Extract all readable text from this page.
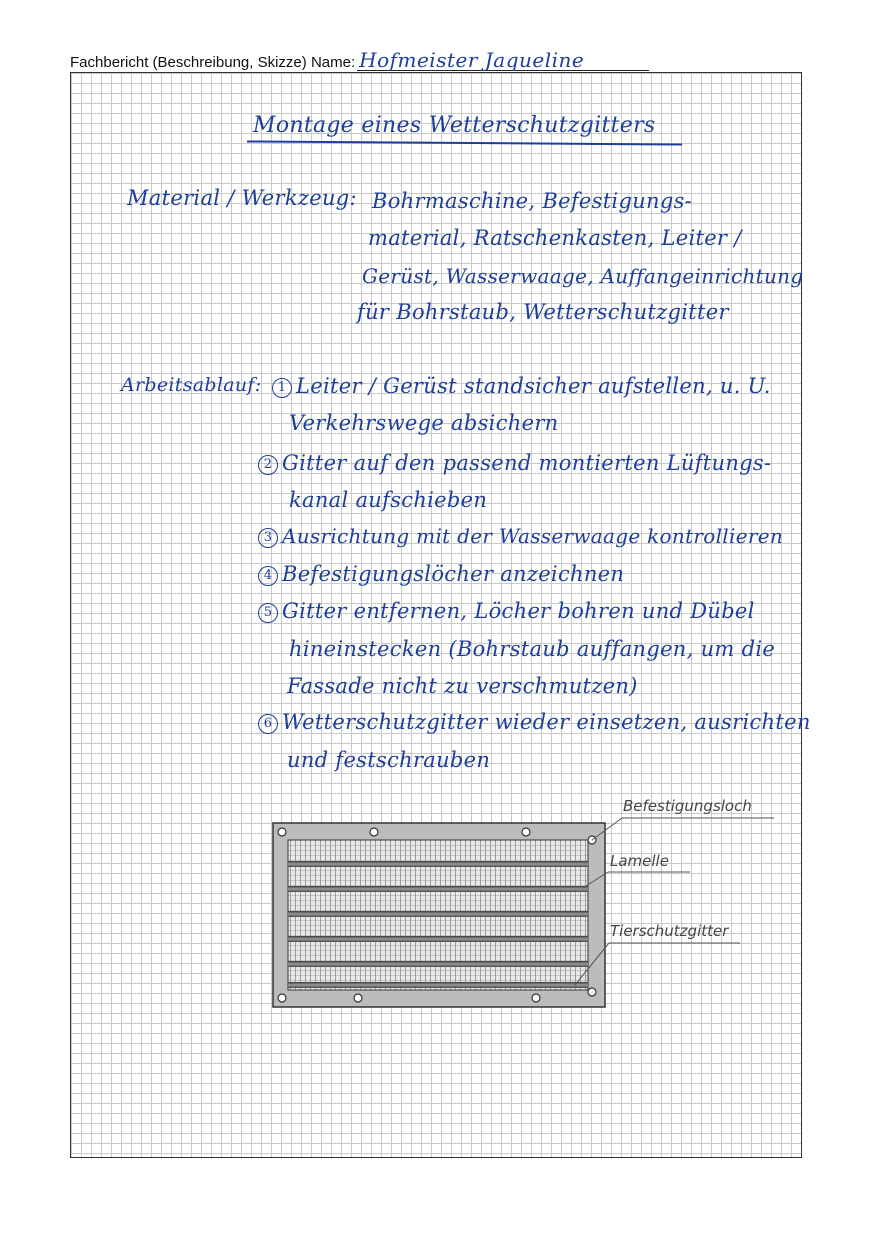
Fachbericht (Beschreibung, Skizze) Name: Hofmeister Jaqueline
Montage eines Wetterschutzgitters
Material / Werkzeug: Bohrmaschine, Befestigungs-
material, Ratschenkasten, Leiter /
Gerüst, Wasserwaage, Auffangeinrichtung
für Bohrstaub, Wetterschutzgitter
Arbeitsablauf:	1 Leiter / Gerüst standsicher aufstellen, u. U.
Verkehrswege absichern
2 Gitter auf den passend montierten Lüftungs-
kanal aufschieben
3 Ausrichtung mit der Wasserwaage kontrollieren
4 Befestigungslöcher anzeichnen
5 Gitter entfernen, Löcher bohren und Dübel
hineinstecken (Bohrstaub auffangen, um die
Fassade nicht zu verschmutzen)
6 Wetterschutzgitter wieder einsetzen, ausrichten
und festschrauben
Befestigungsloch
Lamelle
Tierschutzgitter
